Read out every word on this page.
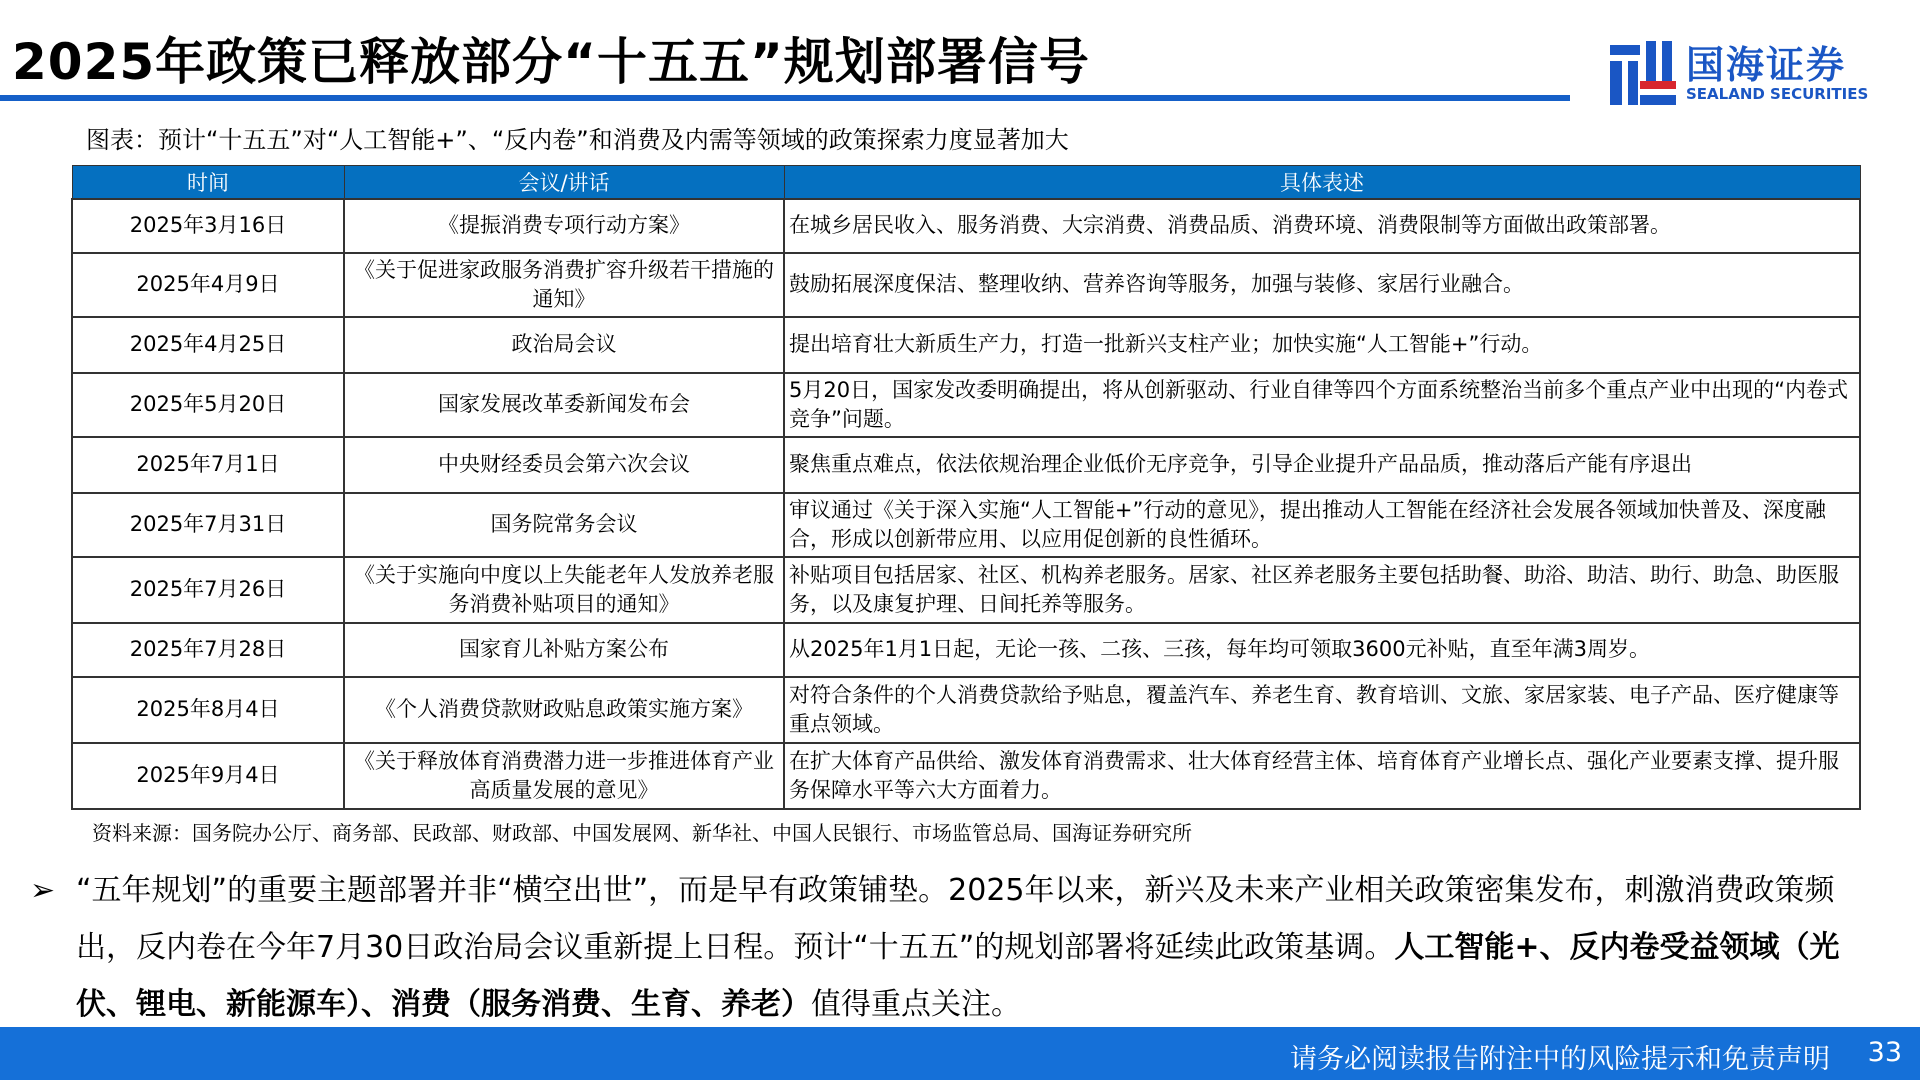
2025年政策已释放部分“十五五”规划部署信号	国海证券
SEALAND SECURITIES
图表：预计“十五五”对“人工智能+”、“反内卷”和消费及内需等领域的政策探索力度显著加大
时间	会议/讲话	具体表述
2025年3月16日	《提振消费专项行动方案》	在城乡居民收入、服务消费、大宗消费、消费品质、消费环境、消费限制等方面做出政策部署。
2025年4月9日	《关于促进家政服务消费扩容升级若干措施的通知》	鼓励拓展深度保洁、整理收纳、营养咨询等服务，加强与装修、家居行业融合。
2025年4月25日	政治局会议	提出培育壮大新质生产力，打造一批新兴支柱产业；加快实施“人工智能+”行动。
2025年5月20日	国家发展改革委新闻发布会	5月20日，国家发改委明确提出，将从创新驱动、行业自律等四个方面系统整治当前多个重点产业中出现的“内卷式竞争”问题。
2025年7月1日	中央财经委员会第六次会议	聚焦重点难点，依法依规治理企业低价无序竞争，引导企业提升产品品质，推动落后产能有序退出
2025年7月31日	国务院常务会议	审议通过《关于深入实施“人工智能+”行动的意见》，提出推动人工智能在经济社会发展各领域加快普及、深度融合，形成以创新带应用、以应用促创新的良性循环。
2025年7月26日	《关于实施向中度以上失能老年人发放养老服务消费补贴项目的通知》	补贴项目包括居家、社区、机构养老服务。居家、社区养老服务主要包括助餐、助浴、助洁、助行、助急、助医服务，以及康复护理、日间托养等服务。
2025年7月28日	国家育儿补贴方案公布	从2025年1月1日起，无论一孩、二孩、三孩，每年均可领取3600元补贴，直至年满3周岁。
2025年8月4日	《个人消费贷款财政贴息政策实施方案》	对符合条件的个人消费贷款给予贴息，覆盖汽车、养老生育、教育培训、文旅、家居家装、电子产品、医疗健康等重点领域。
2025年9月4日	《关于释放体育消费潜力进一步推进体育产业高质量发展的意见》	在扩大体育产品供给、激发体育消费需求、壮大体育经营主体、培育体育产业增长点、强化产业要素支撑、提升服务保障水平等六大方面着力。
资料来源：国务院办公厅、商务部、民政部、财政部、中国发展网、新华社、中国人民银行、市场监管总局、国海证券研究所
➢ “五年规划”的重要主题部署并非“横空出世”，而是早有政策铺垫。2025年以来，新兴及未来产业相关政策密集发布，刺激消费政策频出，反内卷在今年7月30日政治局会议重新提上日程。预计“十五五”的规划部署将延续此政策基调。人工智能+、反内卷受益领域（光伏、锂电、新能源车）、消费（服务消费、生育、养老）值得重点关注。

请务必阅读报告附注中的风险提示和免责声明 33
